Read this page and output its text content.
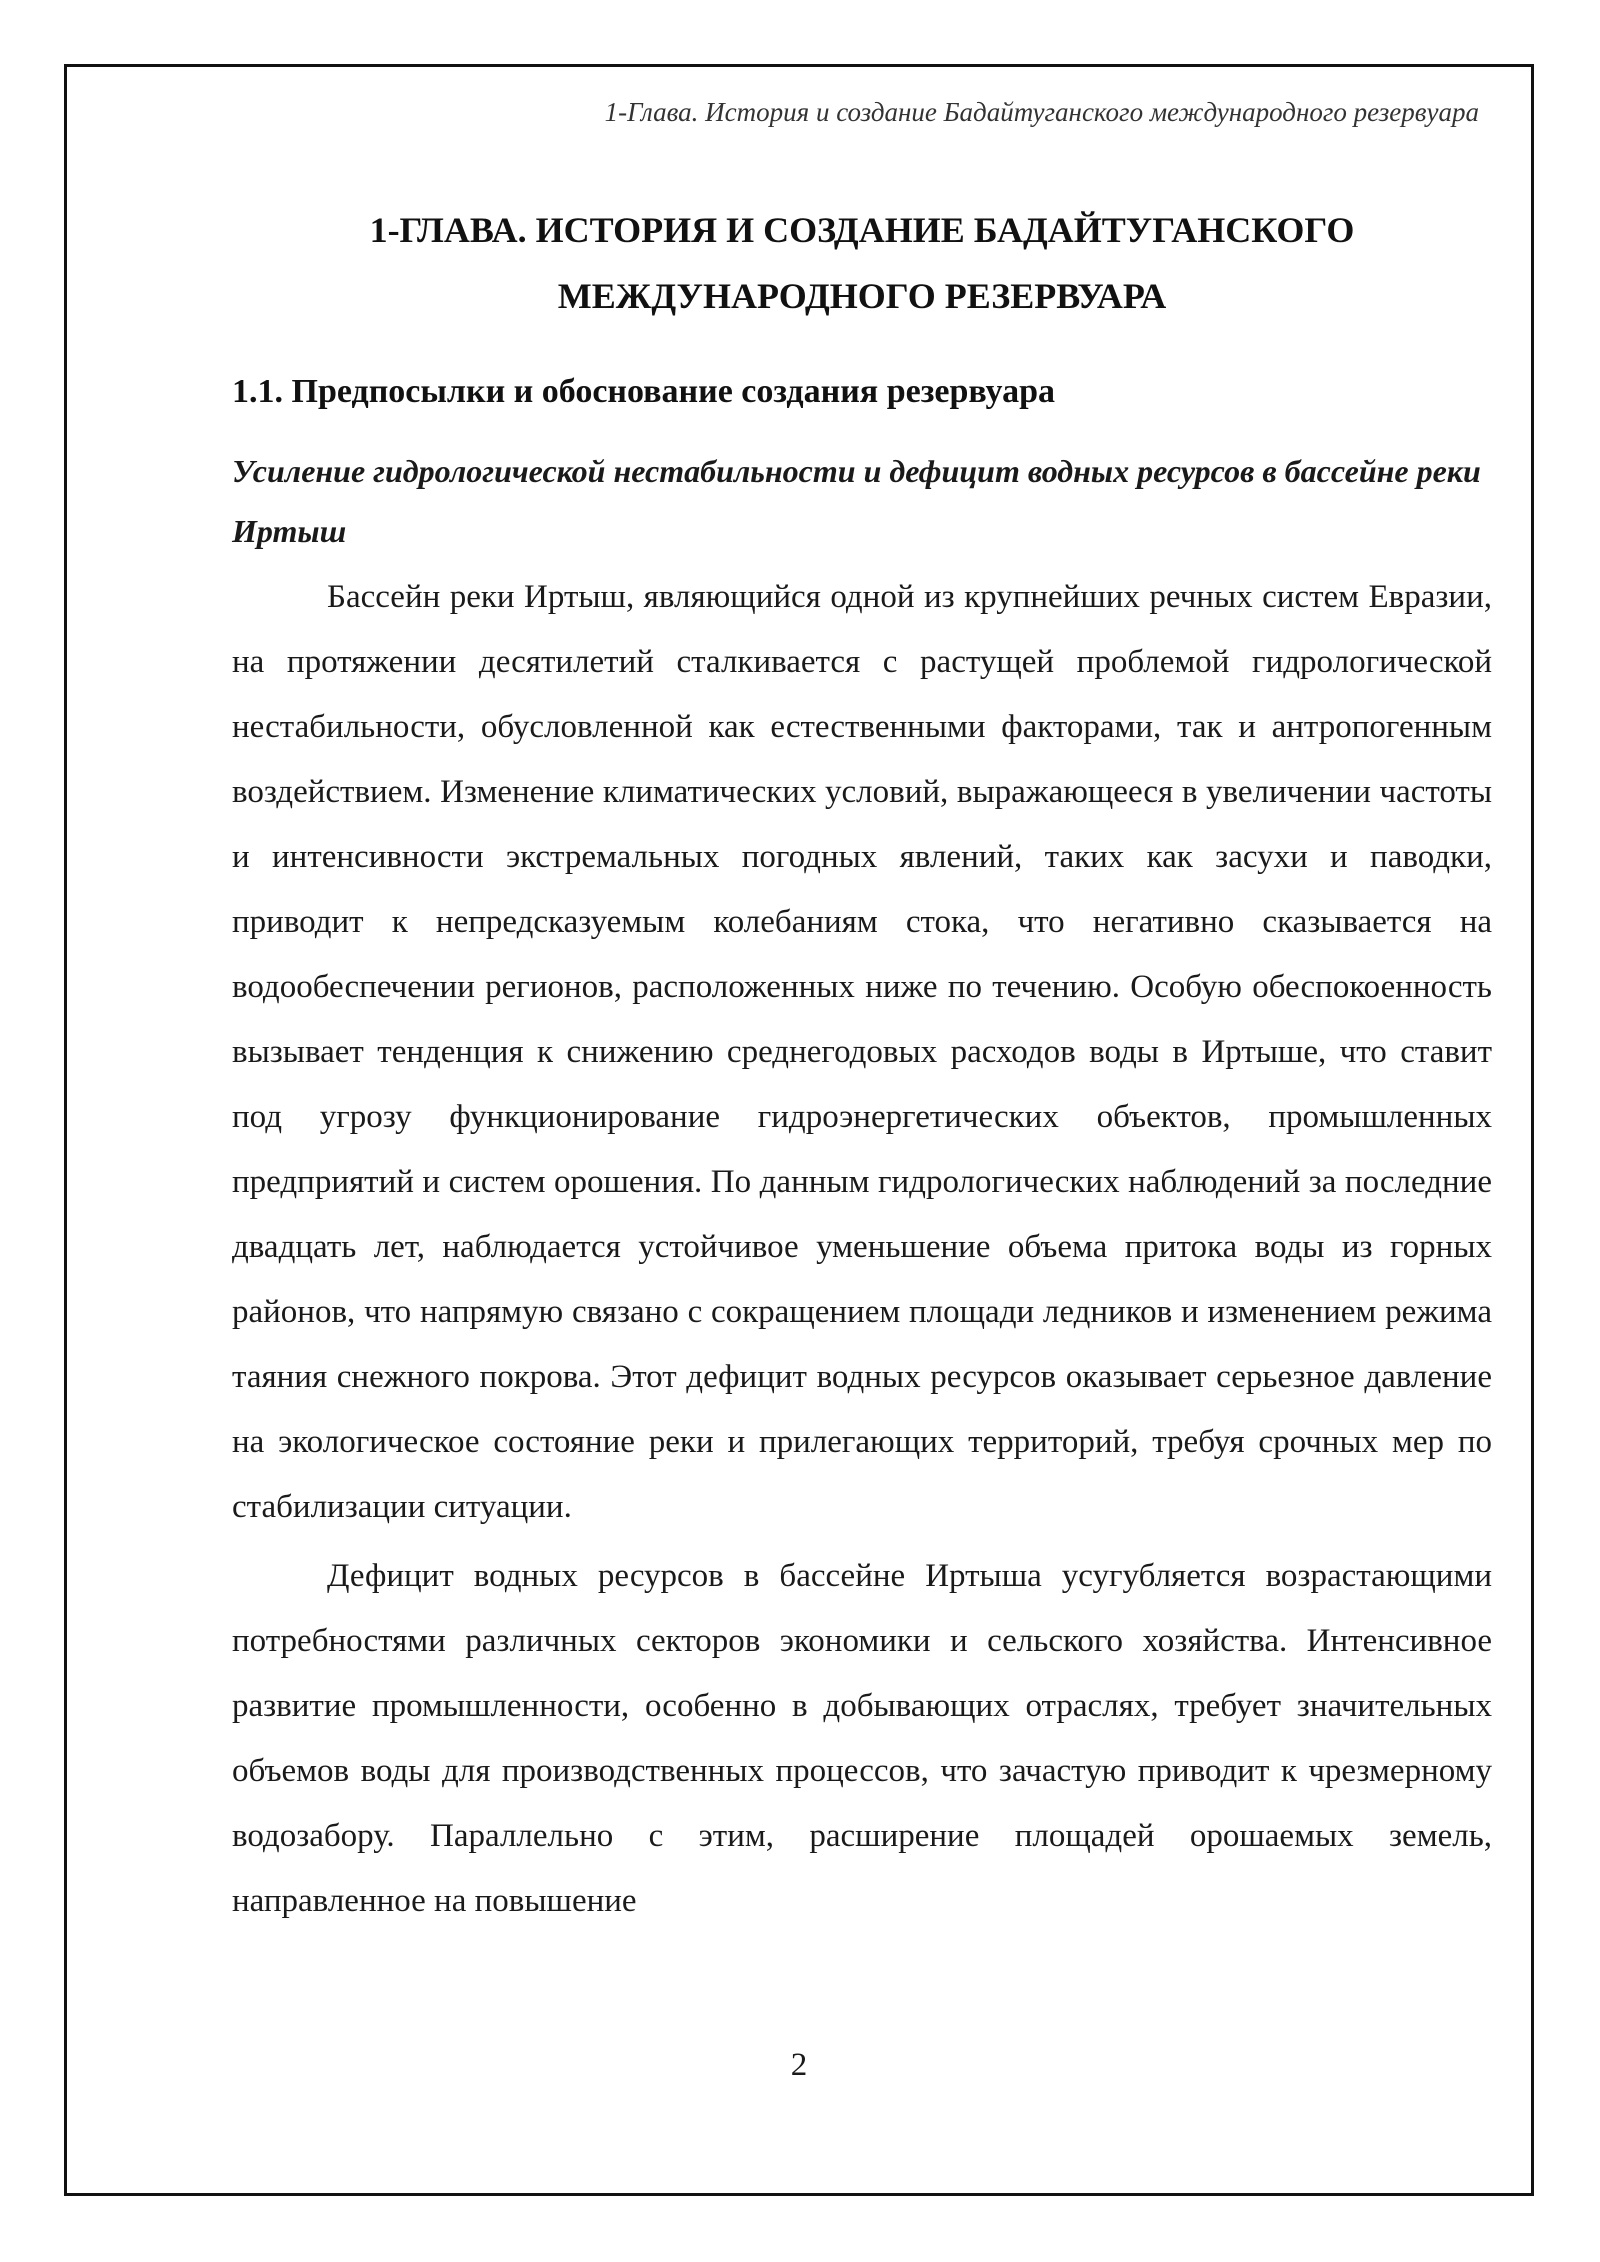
1-Глава. История и создание Бадайтуганского международного резервуара
1-ГЛАВА. ИСТОРИЯ И СОЗДАНИЕ БАДАЙТУГАНСКОГО
МЕЖДУНАРОДНОГО РЕЗЕРВУАРА
1.1. Предпосылки и обоснование создания резервуара
Усиление гидрологической нестабильности и дефицит водных ресурсов в бассейне реки Иртыш

Бассейн реки Иртыш, являющийся одной из крупнейших речных систем Евразии, на протяжении десятилетий сталкивается с растущей проблемой гидрологической нестабильности, обусловленной как естественными факторами, так и антропогенным воздействием. Изменение климатических условий, выражающееся в увеличении частоты и интенсивности экстремальных погодных явлений, таких как засухи и паводки, приводит к непредсказуемым колебаниям стока, что негативно сказывается на водообеспечении регионов, расположенных ниже по течению. Особую обеспокоенность вызывает тенденция к снижению среднегодовых расходов воды в Иртыше, что ставит под угрозу функционирование гидроэнергетических объектов, промышленных предприятий и систем орошения. По данным гидрологических наблюдений за последние двадцать лет, наблюдается устойчивое уменьшение объема притока воды из горных районов, что напрямую связано с сокращением площади ледников и изменением режима таяния снежного покрова. Этот дефицит водных ресурсов оказывает серьезное давление на экологическое состояние реки и прилегающих территорий, требуя срочных мер по стабилизации ситуации.

Дефицит водных ресурсов в бассейне Иртыша усугубляется возрастающими потребностями различных секторов экономики и сельского хозяйства. Интенсивное развитие промышленности, особенно в добывающих отраслях, требует значительных объемов воды для производственных процессов, что зачастую приводит к чрезмерному водозабору. Параллельно с этим, расширение площадей орошаемых земель, направленное на повышение

2
